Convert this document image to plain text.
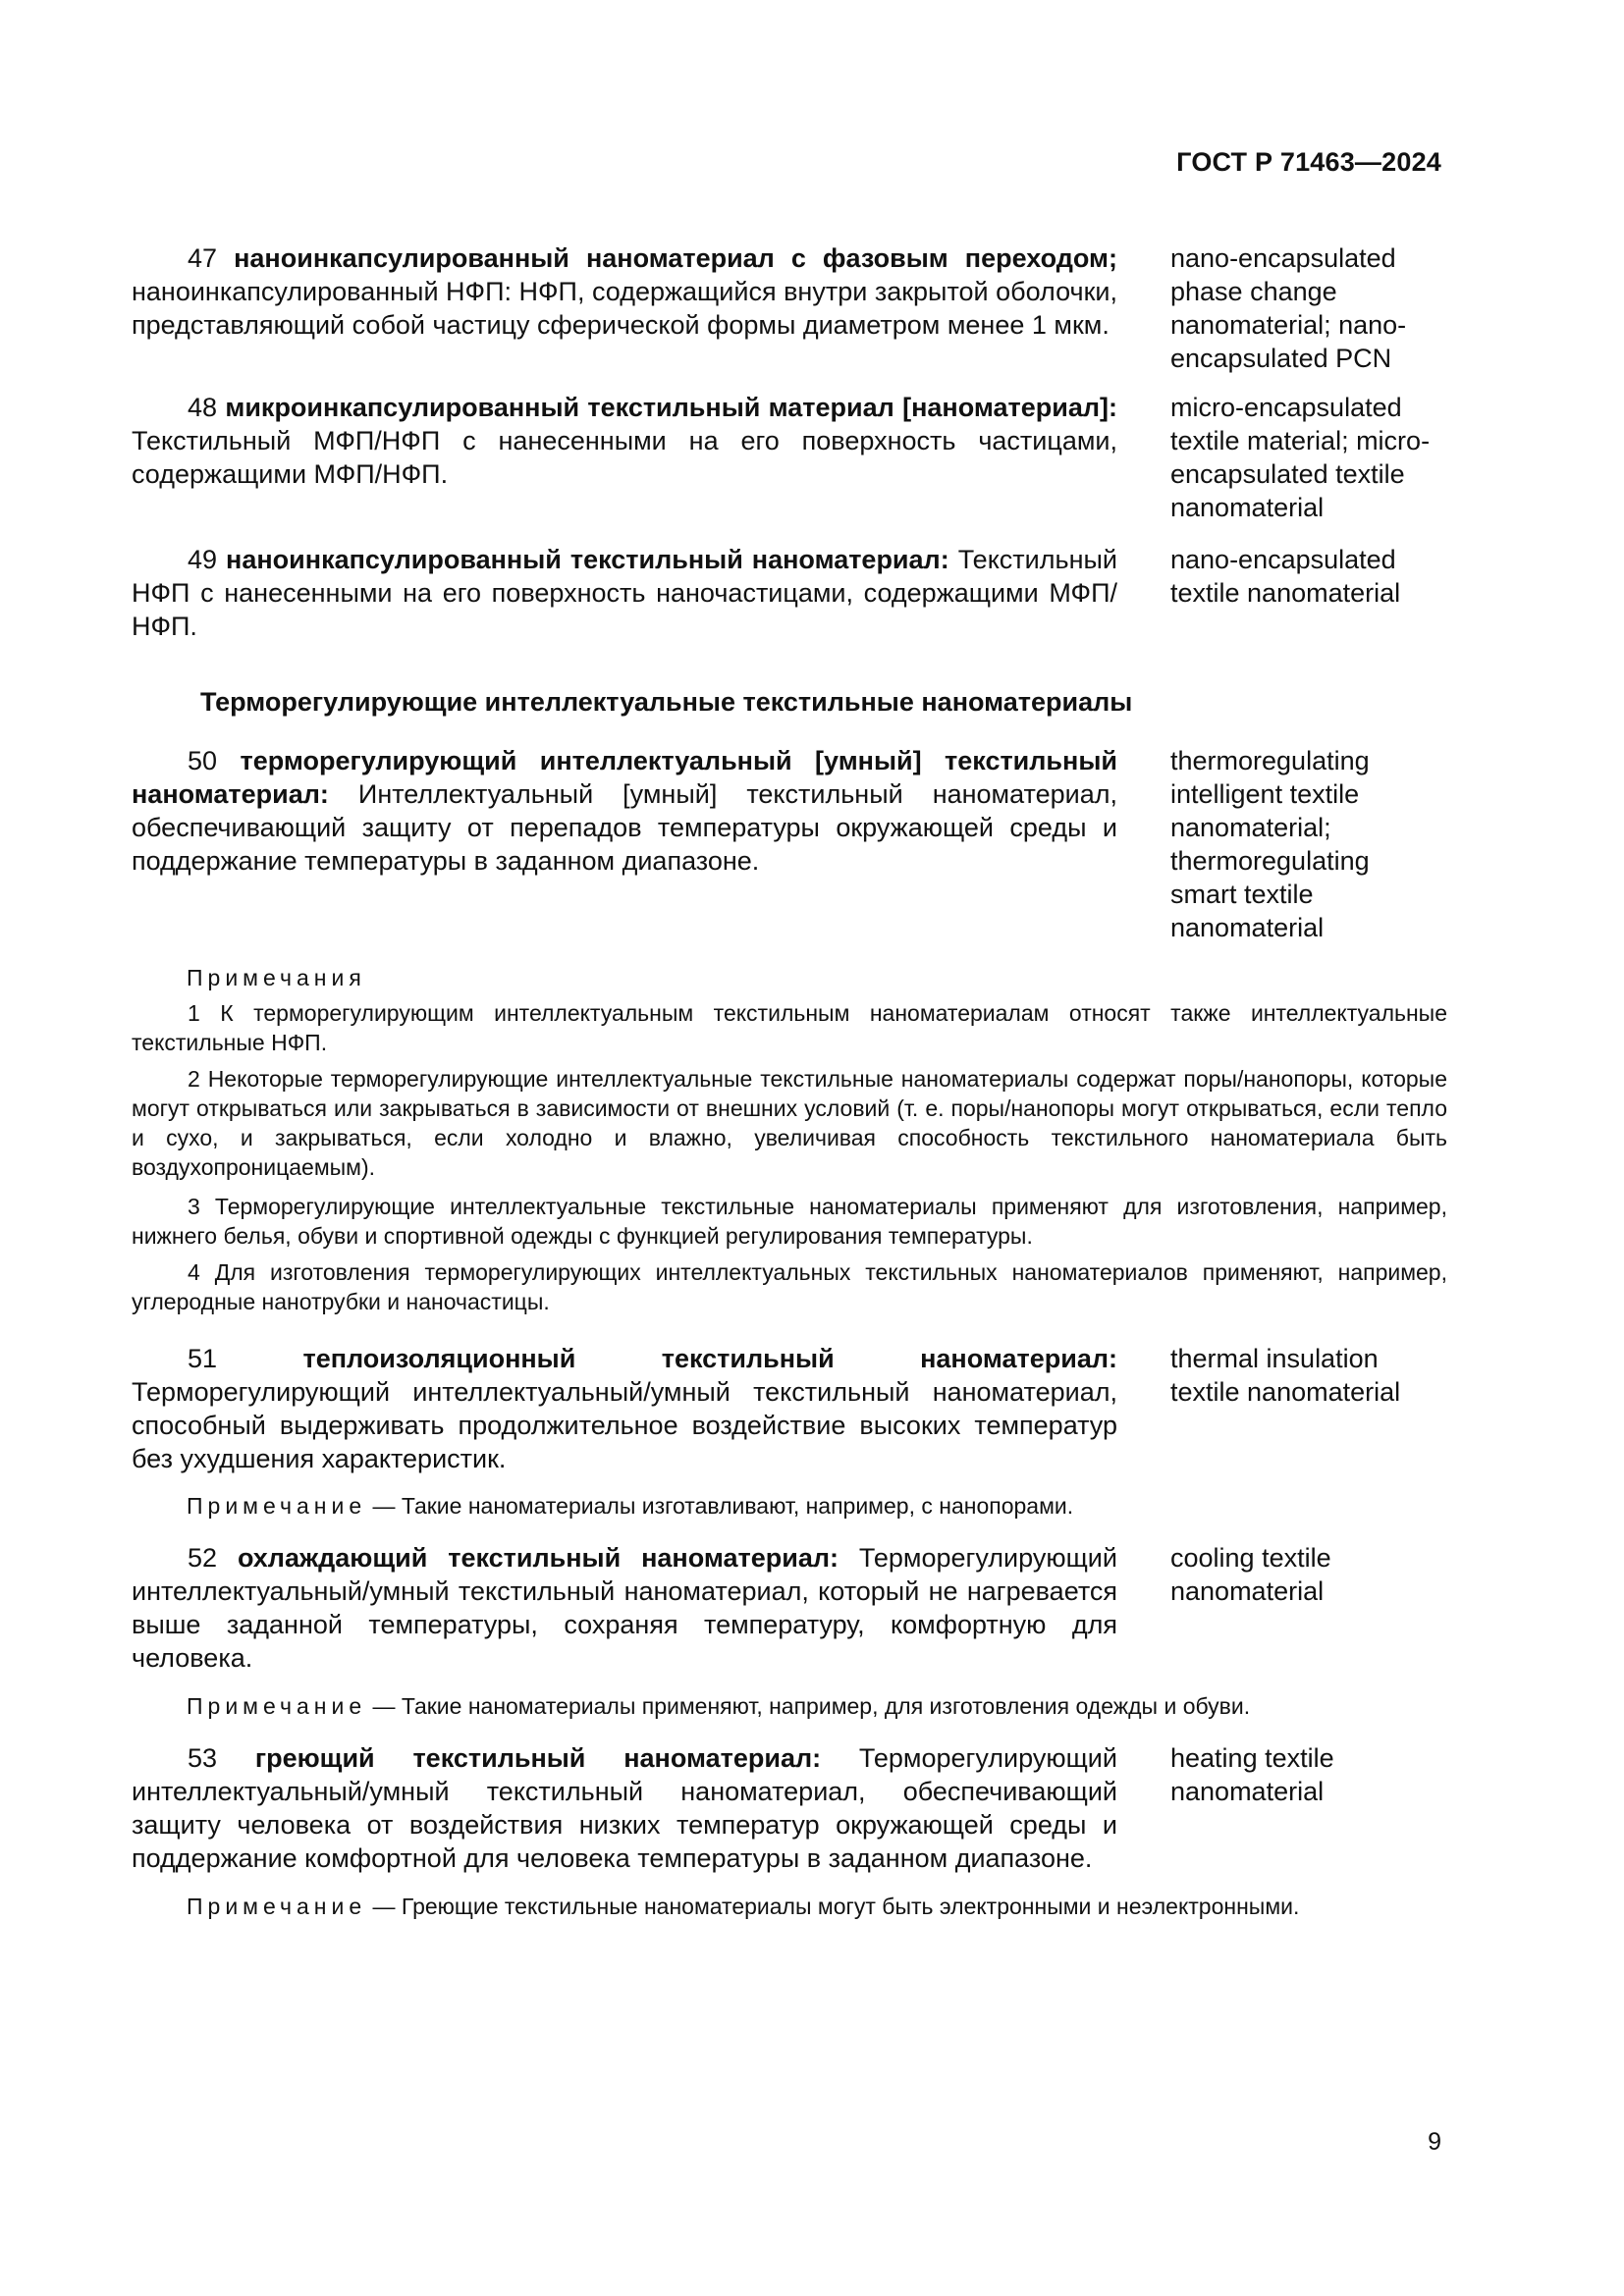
ГОСТ Р 71463—2024
47 наноинкапсулированный наноматериал с фазовым переходом; наноинкапсулированный НФП: НФП, содержащийся внутри закрытой оболочки, представляющий собой частицу сферической формы диаметром менее 1 мкм.
nano-encapsulated phase change nanomaterial; nano-encapsulated PCN
48 микроинкапсулированный текстильный материал [наноматериал]: Текстильный МФП/НФП с нанесенными на его поверхность частицами, содержащими МФП/НФП.
micro-encapsulated textile material; micro-encapsulated textile nanomaterial
49 наноинкапсулированный текстильный наноматериал: Текстильный НФП с нанесенными на его поверхность наночастицами, содержащими МФП/НФП.
nano-encapsulated textile nanomaterial
Терморегулирующие интеллектуальные текстильные наноматериалы
50 терморегулирующий интеллектуальный [умный] текстильный наноматериал: Интеллектуальный [умный] текстильный наноматериал, обеспечивающий защиту от перепадов температуры окружающей среды и поддержание температуры в заданном диапазоне.
thermoregulating intelligent textile nanomaterial; thermoregulating smart textile nanomaterial
Примечания
1 К терморегулирующим интеллектуальным текстильным наноматериалам относят также интеллектуальные текстильные НФП.
2 Некоторые терморегулирующие интеллектуальные текстильные наноматериалы содержат поры/нанопоры, которые могут открываться или закрываться в зависимости от внешних условий (т. е. поры/нанопоры могут открываться, если тепло и сухо, и закрываться, если холодно и влажно, увеличивая способность текстильного наноматериала быть воздухопроницаемым).
3 Терморегулирующие интеллектуальные текстильные наноматериалы применяют для изготовления, например, нижнего белья, обуви и спортивной одежды с функцией регулирования температуры.
4 Для изготовления терморегулирующих интеллектуальных текстильных наноматериалов применяют, например, углеродные нанотрубки и наночастицы.
51	теплоизоляционный текстильный наноматериал: Терморегулирующий интеллектуальный/умный текстильный наноматериал, способный выдерживать продолжительное воздействие высоких температур без ухудшения характеристик.
thermal insulation textile nanomaterial
Примечание — Такие наноматериалы изготавливают, например, с нанопорами.
52 охлаждающий текстильный наноматериал: Терморегулирующий интеллектуальный/умный текстильный наноматериал, который не нагревается выше заданной температуры, сохраняя температуру, комфортную для человека.
cooling textile nanomaterial
Примечание — Такие наноматериалы применяют, например, для изготовления одежды и обуви.
53 греющий текстильный наноматериал: Терморегулирующий интеллектуальный/умный текстильный наноматериал, обеспечивающий защиту человека от воздействия низких температур окружающей среды и поддержание комфортной для человека температуры в заданном диапазоне.
heating textile nanomaterial
Примечание — Греющие текстильные наноматериалы могут быть электронными и неэлектронными.
9
